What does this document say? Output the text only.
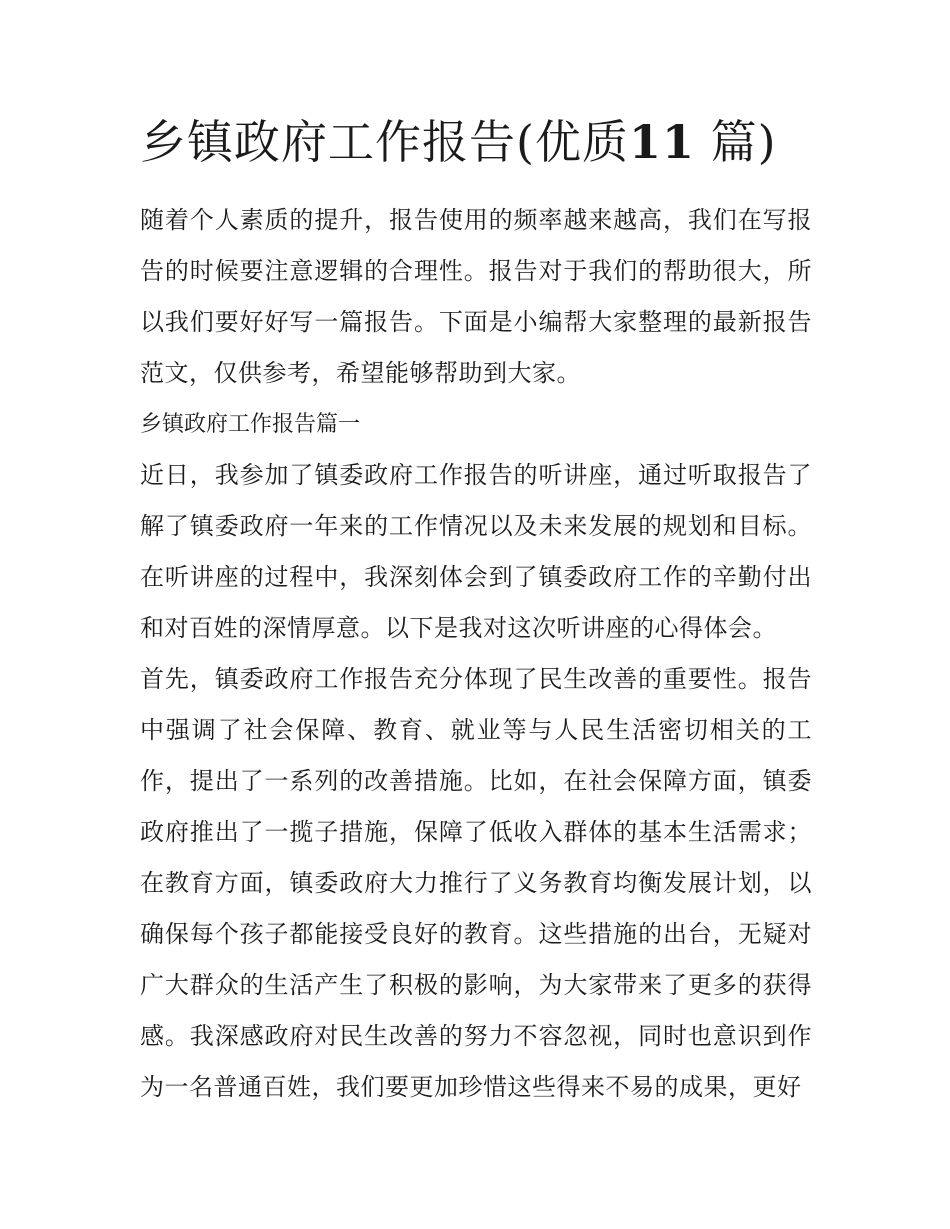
乡镇政府工作报告(优质11 篇)

随着个人素质的提升，报告使用的频率越来越高，我们在写报告的时候要注意逻辑的合理性。报告对于我们的帮助很大，所以我们要好好写一篇报告。下面是小编帮大家整理的最新报告范文，仅供参考，希望能够帮助到大家。

乡镇政府工作报告篇一

近日，我参加了镇委政府工作报告的听讲座，通过听取报告了解了镇委政府一年来的工作情况以及未来发展的规划和目标。在听讲座的过程中，我深刻体会到了镇委政府工作的辛勤付出和对百姓的深情厚意。以下是我对这次听讲座的心得体会。

首先，镇委政府工作报告充分体现了民生改善的重要性。报告中强调了社会保障、教育、就业等与人民生活密切相关的工作，提出了一系列的改善措施。比如，在社会保障方面，镇委政府推出了一揽子措施，保障了低收入群体的基本生活需求；在教育方面，镇委政府大力推行了义务教育均衡发展计划，以确保每个孩子都能接受良好的教育。这些措施的出台，无疑对广大群众的生活产生了积极的影响，为大家带来了更多的获得感。我深感政府对民生改善的努力不容忽视，同时也意识到作为一名普通百姓，我们要更加珍惜这些得来不易的成果，更好
